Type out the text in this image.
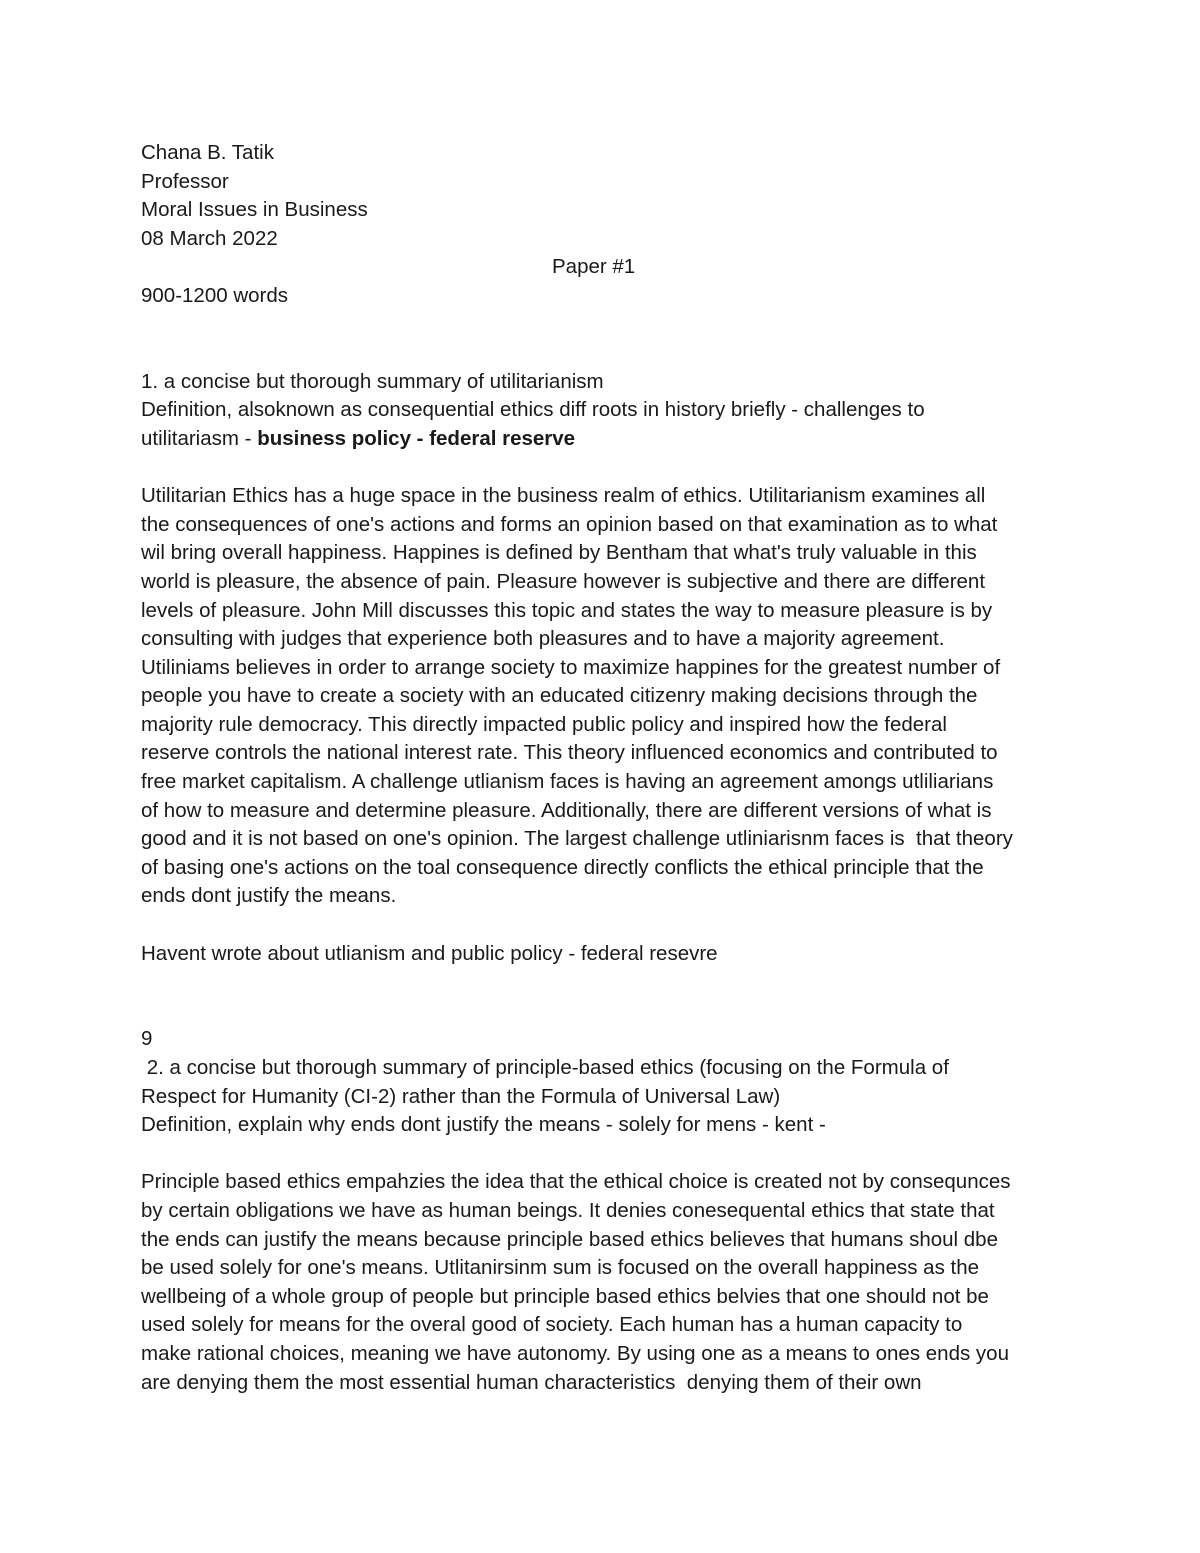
Chana B. Tatik
Professor
Moral Issues in Business
08 March 2022
Paper #1
900-1200 words
1. a concise but thorough summary of utilitarianism
Definition, alsoknown as consequential ethics diff roots in history briefly - challenges to
utilitariasm - business policy - federal reserve
Utilitarian Ethics has a huge space in the business realm of ethics. Utilitarianism examines all
the consequences of one's actions and forms an opinion based on that examination as to what
wil bring overall happiness. Happines is defined by Bentham that what's truly valuable in this
world is pleasure, the absence of pain. Pleasure however is subjective and there are different
levels of pleasure. John Mill discusses this topic and states the way to measure pleasure is by
consulting with judges that experience both pleasures and to have a majority agreement.
Utiliniams believes in order to arrange society to maximize happines for the greatest number of
people you have to create a society with an educated citizenry making decisions through the
majority rule democracy. This directly impacted public policy and inspired how the federal
reserve controls the national interest rate. This theory influenced economics and contributed to
free market capitalism. A challenge utlianism faces is having an agreement amongs utliliarians
of how to measure and determine pleasure. Additionally, there are different versions of what is
good and it is not based on one's opinion. The largest challenge utliniarisnm faces is  that theory
of basing one's actions on the toal consequence directly conflicts the ethical principle that the
ends dont justify the means.
Havent wrote about utlianism and public policy - federal resevre
9
2. a concise but thorough summary of principle-based ethics (focusing on the Formula of
Respect for Humanity (CI-2) rather than the Formula of Universal Law)
Definition, explain why ends dont justify the means - solely for mens - kent -
Principle based ethics empahzies the idea that the ethical choice is created not by consequnces
by certain obligations we have as human beings. It denies conesequental ethics that state that
the ends can justify the means because principle based ethics believes that humans shoul dbe
be used solely for one's means. Utlitanirsinm sum is focused on the overall happiness as the
wellbeing of a whole group of people but principle based ethics belvies that one should not be
used solely for means for the overal good of society. Each human has a human capacity to
make rational choices, meaning we have autonomy. By using one as a means to ones ends you
are denying them the most essential human characteristics  denying them of their own
